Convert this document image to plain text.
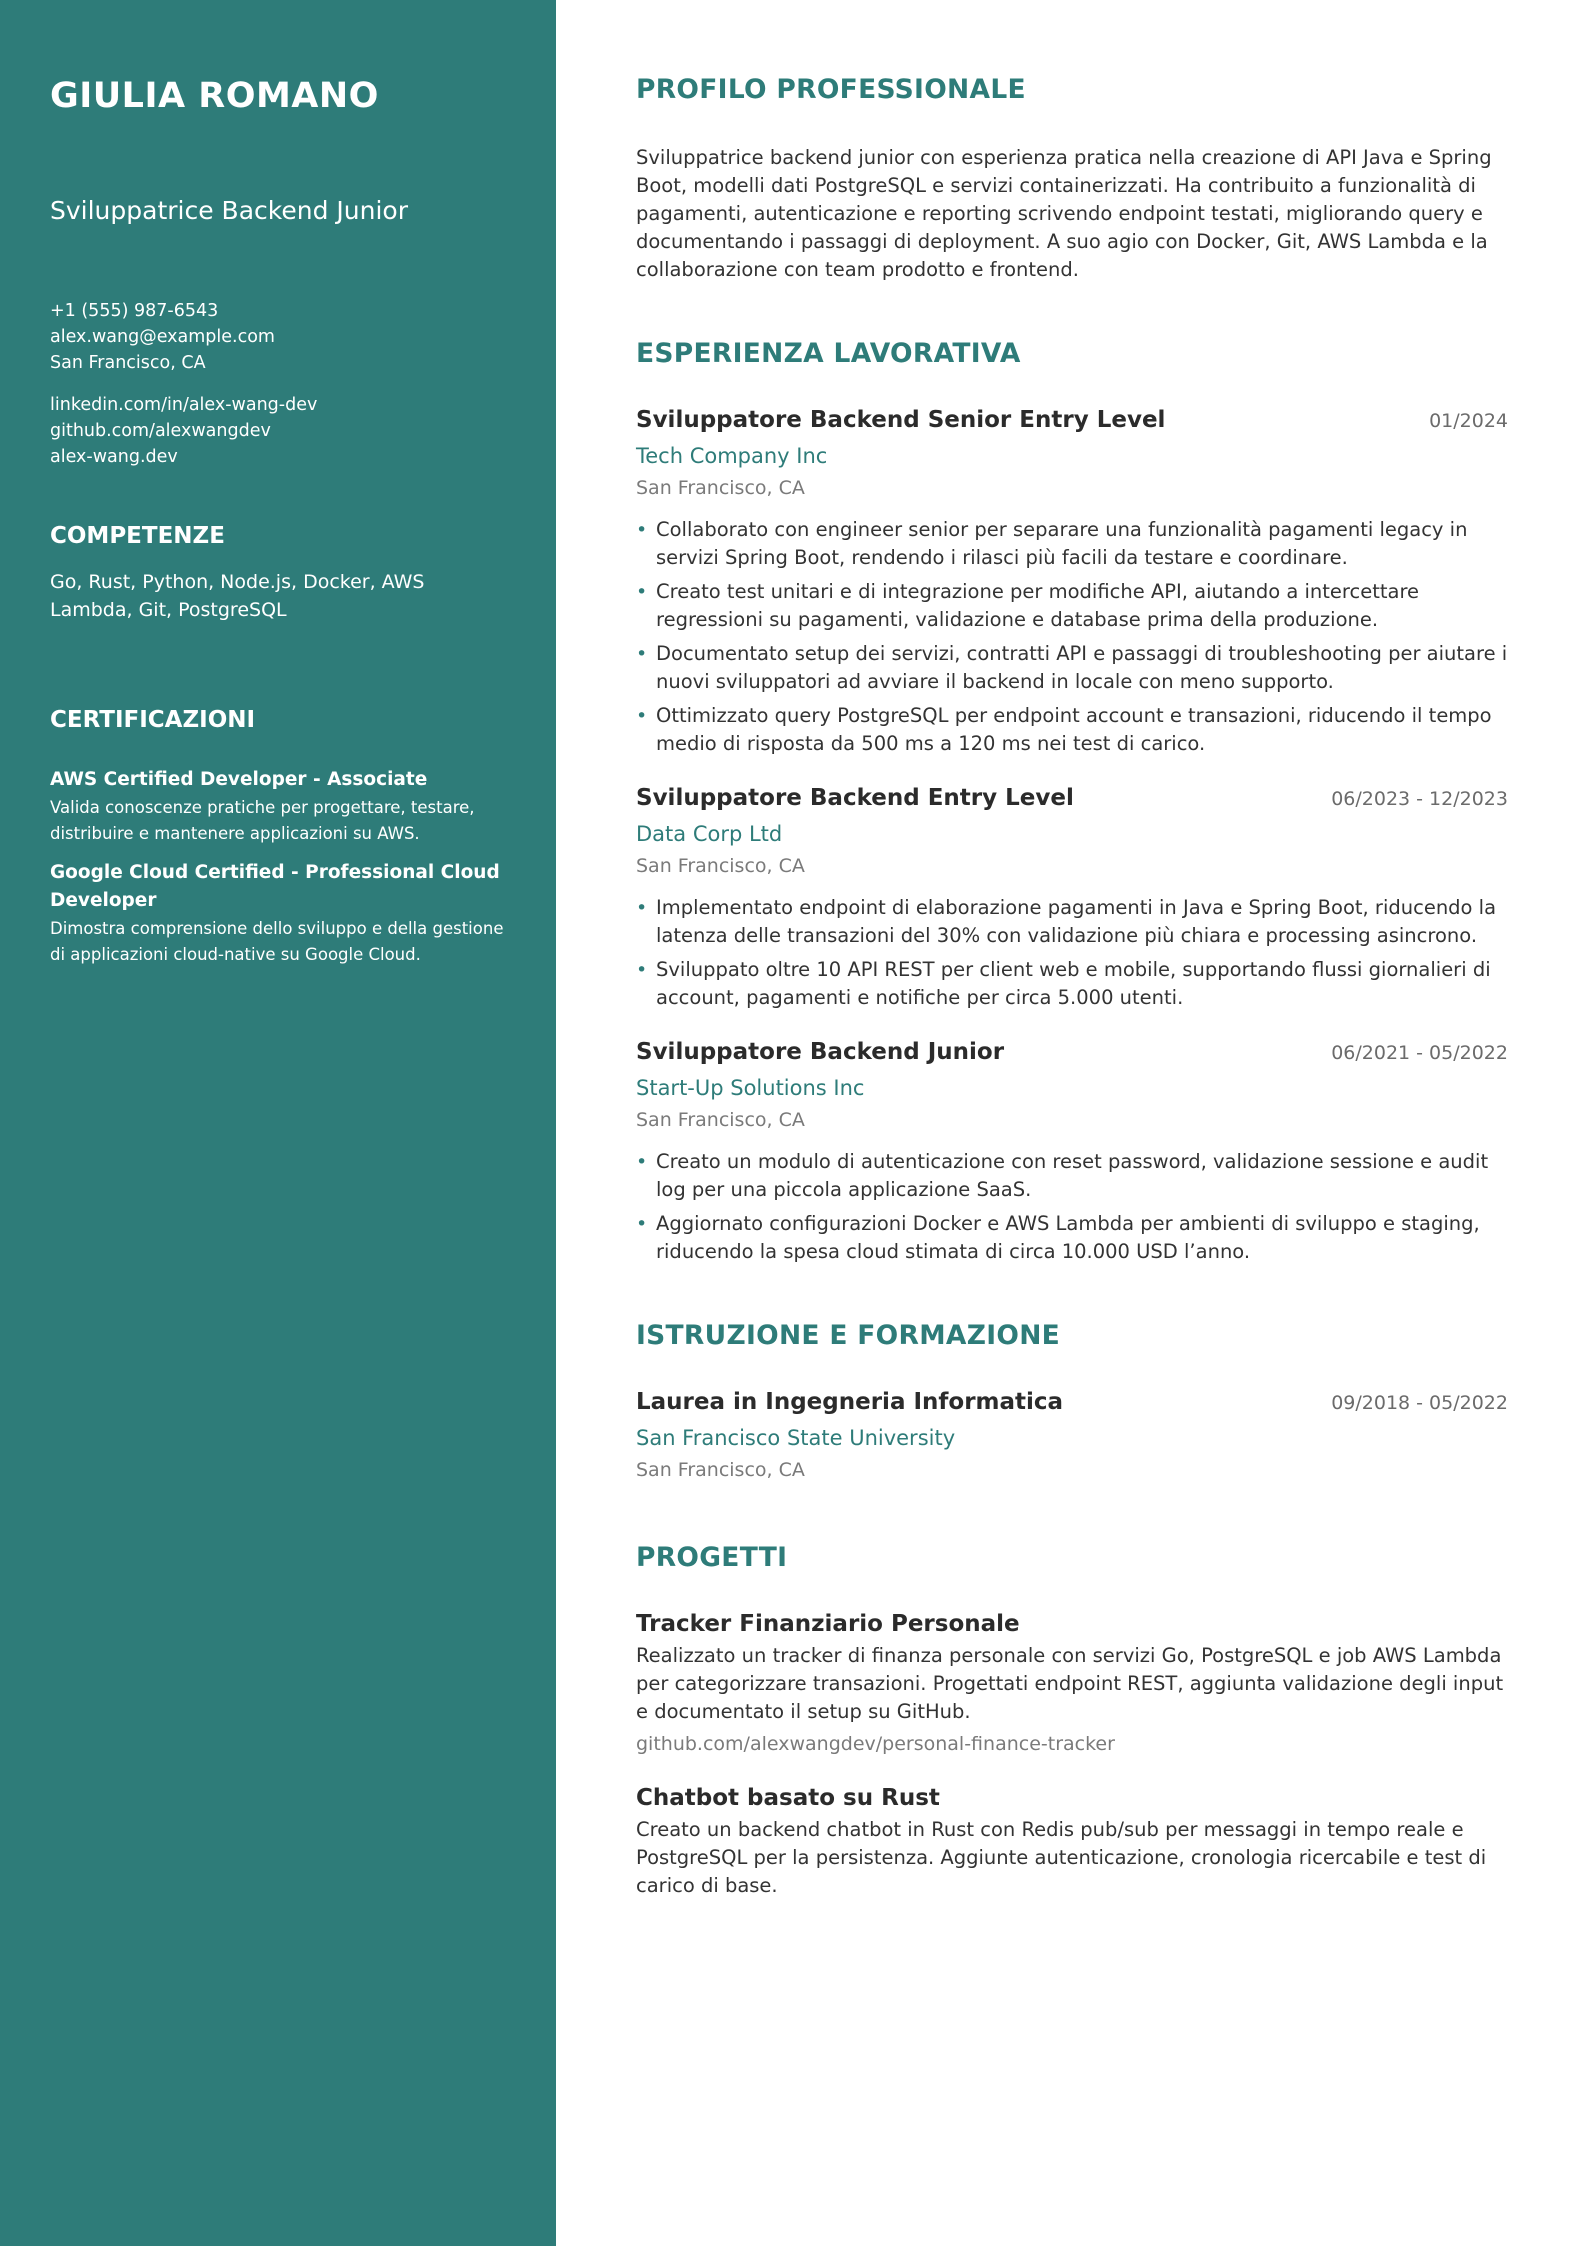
GIULIA ROMANO
Sviluppatrice Backend Junior
+1 (555) 987-6543
alex.wang@example.com
San Francisco, CA
linkedin.com/in/alex-wang-dev
github.com/alexwangdev
alex-wang.dev
COMPETENZE
Go, Rust, Python, Node.js, Docker, AWS Lambda, Git, PostgreSQL
CERTIFICAZIONI
AWS Certified Developer - Associate
Valida conoscenze pratiche per progettare, testare, distribuire e mantenere applicazioni su AWS.
Google Cloud Certified - Professional Cloud Developer
Dimostra comprensione dello sviluppo e della gestione di applicazioni cloud-native su Google Cloud.
PROFILO PROFESSIONALE

Sviluppatrice backend junior con esperienza pratica nella creazione di API Java e Spring Boot, modelli dati PostgreSQL e servizi containerizzati. Ha contribuito a funzionalità di pagamenti, autenticazione e reporting scrivendo endpoint testati, migliorando query e documentando i passaggi di deployment. A suo agio con Docker, Git, AWS Lambda e la collaborazione con team prodotto e frontend.

ESPERIENZA LAVORATIVA
Sviluppatore Backend Senior Entry Level	01/2024
Tech Company Inc
San Francisco, CA
• Collaborato con engineer senior per separare una funzionalità pagamenti legacy in servizi Spring Boot, rendendo i rilasci più facili da testare e coordinare.
• Creato test unitari e di integrazione per modifiche API, aiutando a intercettare regressioni su pagamenti, validazione e database prima della produzione.
• Documentato setup dei servizi, contratti API e passaggi di troubleshooting per aiutare i nuovi sviluppatori ad avviare il backend in locale con meno supporto.
• Ottimizzato query PostgreSQL per endpoint account e transazioni, riducendo il tempo medio di risposta da 500 ms a 120 ms nei test di carico.
Sviluppatore Backend Entry Level	06/2023 - 12/2023
Data Corp Ltd
San Francisco, CA
• Implementato endpoint di elaborazione pagamenti in Java e Spring Boot, riducendo la latenza delle transazioni del 30% con validazione più chiara e processing asincrono.
• Sviluppato oltre 10 API REST per client web e mobile, supportando flussi giornalieri di account, pagamenti e notifiche per circa 5.000 utenti.
Sviluppatore Backend Junior	06/2021 - 05/2022
Start-Up Solutions Inc
San Francisco, CA
• Creato un modulo di autenticazione con reset password, validazione sessione e audit log per una piccola applicazione SaaS.
• Aggiornato configurazioni Docker e AWS Lambda per ambienti di sviluppo e staging, riducendo la spesa cloud stimata di circa 10.000 USD l’anno.
ISTRUZIONE E FORMAZIONE
Laurea in Ingegneria Informatica	09/2018 - 05/2022
San Francisco State University
San Francisco, CA
PROGETTI
Tracker Finanziario Personale
Realizzato un tracker di finanza personale con servizi Go, PostgreSQL e job AWS Lambda per categorizzare transazioni. Progettati endpoint REST, aggiunta validazione degli input e documentato il setup su GitHub.
github.com/alexwangdev/personal-finance-tracker
Chatbot basato su Rust
Creato un backend chatbot in Rust con Redis pub/sub per messaggi in tempo reale e PostgreSQL per la persistenza. Aggiunte autenticazione, cronologia ricercabile e test di carico di base.
